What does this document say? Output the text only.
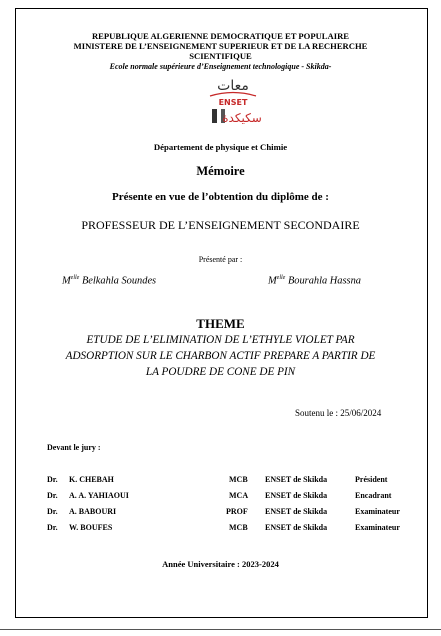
REPUBLIQUE ALGERIENNE DEMOCRATIQUE ET POPULAIRE
MINISTERE DE L’ENSEIGNEMENT SUPERIEUR ET DE LA RECHERCHE
SCIENTIFIQUE
Ecole normale supérieure d’Enseignement technologique - Skikda-
معات
ENSET
سكيكدة
Département de physique et Chimie
Mémoire
Présente en vue de l’obtention du diplôme de :
PROFESSEUR DE L’ENSEIGNEMENT SECONDAIRE
Présenté par :
$M^{elle}$ Belkahla Soundes	$M^{elle}$ Bourahla Hassna
THEME
ETUDE DE L’ELIMINATION DE L’ETHYLE VIOLET PAR
ADSORPTION SUR LE CHARBON ACTIF PREPARE A PARTIR DE
LA POUDRE DE CONE DE PIN
Soutenu le : 25/06/2024
Devant le jury :
Dr. K. CHEBAH	MCB ENSET de Skikda	Président
Dr. A. A. YAHIAOUI	MCA ENSET de Skikda	Encadrant
Dr. A. BABOURI	PROF ENSET de Skikda	Examinateur
Dr. W. BOUFES	MCB ENSET de Skikda	Examinateur
Année Universitaire : 2023-2024
